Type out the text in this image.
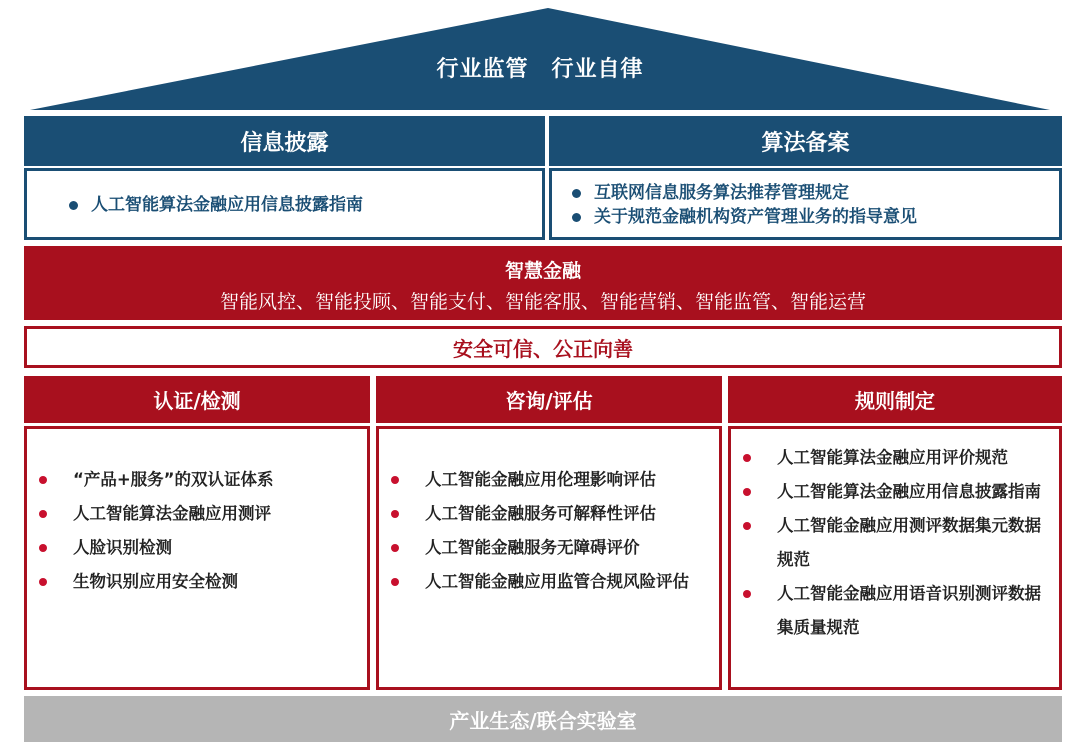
行业监管　行业自律
信息披露	算法备案
人工智能算法金融应用信息披露指南
互联网信息服务算法推荐管理规定
关于规范金融机构资产管理业务的指导意见
智慧金融
智能风控、智能投顾、智能支付、智能客服、智能营销、智能监管、智能运营
安全可信、公正向善
认证/检测	咨询/评估	规则制定
“产品+服务”的双认证体系
人工智能算法金融应用测评
人脸识别检测
生物识别应用安全检测
人工智能金融应用伦理影响评估
人工智能金融服务可解释性评估
人工智能金融服务无障碍评价
人工智能金融应用监管合规风险评估
人工智能算法金融应用评价规范
人工智能算法金融应用信息披露指南
人工智能金融应用测评数据集元数据规范
人工智能金融应用语音识别测评数据集质量规范
产业生态/联合实验室
